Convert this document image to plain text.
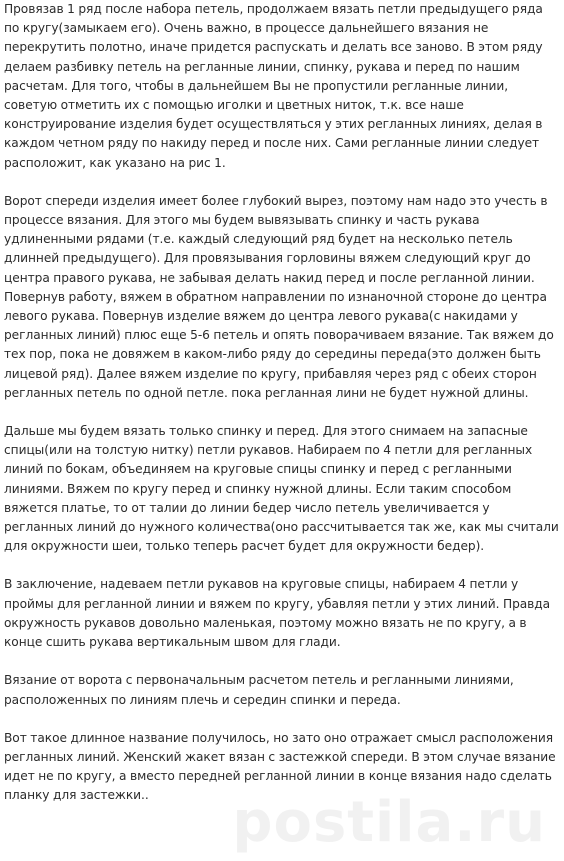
Провязав 1 ряд после набора петель, продолжаем вязать петли предыдущего ряда по кругу(замыкаем его). Очень важно, в процессе дальнейшего вязания не перекрутить полотно, иначе придется распускать и делать все заново. В этом ряду делаем разбивку петель на регланные линии, спинку, рукава и перед по нашим расчетам. Для того, чтобы в дальнейшем Вы не пропустили регланные линии, советую отметить их с помощью иголки и цветных ниток, т.к. все наше конструирование изделия будет осуществляться у этих регланных линиях, делая в каждом четном ряду по накиду перед и после них. Сами регланные линии следует расположит, как указано на рис 1.

Ворот спереди изделия имеет более глубокий вырез, поэтому нам надо это учесть в процессе вязания. Для этого мы будем вывязывать спинку и часть рукава удлиненными рядами (т.е. каждый следующий ряд будет на несколько петель длинней предыдущего). Для провязывания горловины вяжем следующий круг до центра правого рукава, не забывая делать накид перед и после регланной линии. Повернув работу, вяжем в обратном направлении по изнаночной стороне до центра левого рукава. Повернув изделие вяжем до центра левого рукава(с накидами у регланных линий) плюс еще 5-6 петель и опять поворачиваем вязание. Так вяжем до тех пор, пока не довяжем в каком-либо ряду до середины переда(это должен быть лицевой ряд). Далее вяжем изделие по кругу, прибавляя через ряд с обеих сторон регланных петель по одной петле. пока регланная лини не будет нужной длины.

Дальше мы будем вязать только спинку и перед. Для этого снимаем на запасные спицы(или на толстую нитку) петли рукавов. Набираем по 4 петли для регланных линий по бокам, объединяем на круговые спицы спинку и перед с регланными линиями. Вяжем по кругу перед и спинку нужной длины. Если таким способом вяжется платье, то от талии до линии бедер число петель увеличивается у регланных линий до нужного количества(оно рассчитывается так же, как мы считали для окружности шеи, только теперь расчет будет для окружности бедер).

В заключение, надеваем петли рукавов на круговые спицы, набираем 4 петли у проймы для регланной линии и вяжем по кругу, убавляя петли у этих линий. Правда окружность рукавов довольно маленькая, поэтому можно вязать не по кругу, а в конце сшить рукава вертикальным швом для глади.

Вязание от ворота с первоначальным расчетом петель и регланными линиями, расположенных по линиям плечь и середин спинки и переда.

Вот такое длинное название получилось, но зато оно отражает смысл расположения регланных линий. Женский жакет вязан с застежкой спереди. В этом случае вязание идет не по кругу, а вместо передней регланной линии в конце вязания надо сделать планку для застежки..	postila.ru
